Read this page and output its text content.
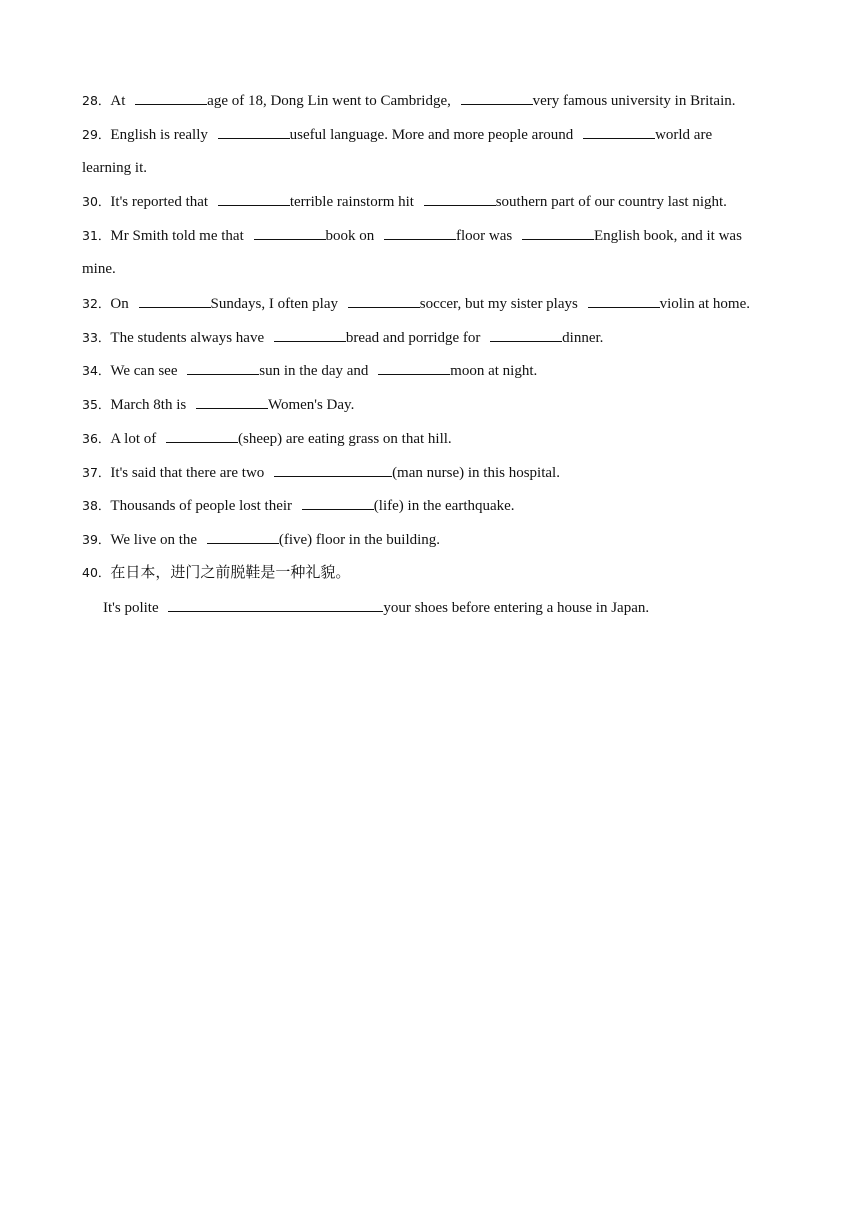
28．At	age of 18, Dong Lin went to Cambridge,	very famous university in Britain.
29．English is really	useful language. More and more people around	world are
learning it.
30．It's reported that	terrible rainstorm hit	southern part of our country last night.
31．Mr Smith told me that	book on	floor was	English book, and it was
mine.
32．On	Sundays, I often play	soccer, but my sister plays	violin at home.
33．The students always have	bread and porridge for	dinner.
34．We can see	sun in the day and	moon at night.
35．March 8th is	Women's Day.
36．A lot of	(sheep) are eating grass on that hill.
37．It's said that there are two	(man nurse) in this hospital.
38．Thousands of people lost their	(life) in the earthquake.
39．We live on the	(five) floor in the building.
40．在日本，进门之前脱鞋是一种礼貌。
It's polite	your shoes before entering a house in Japan.
